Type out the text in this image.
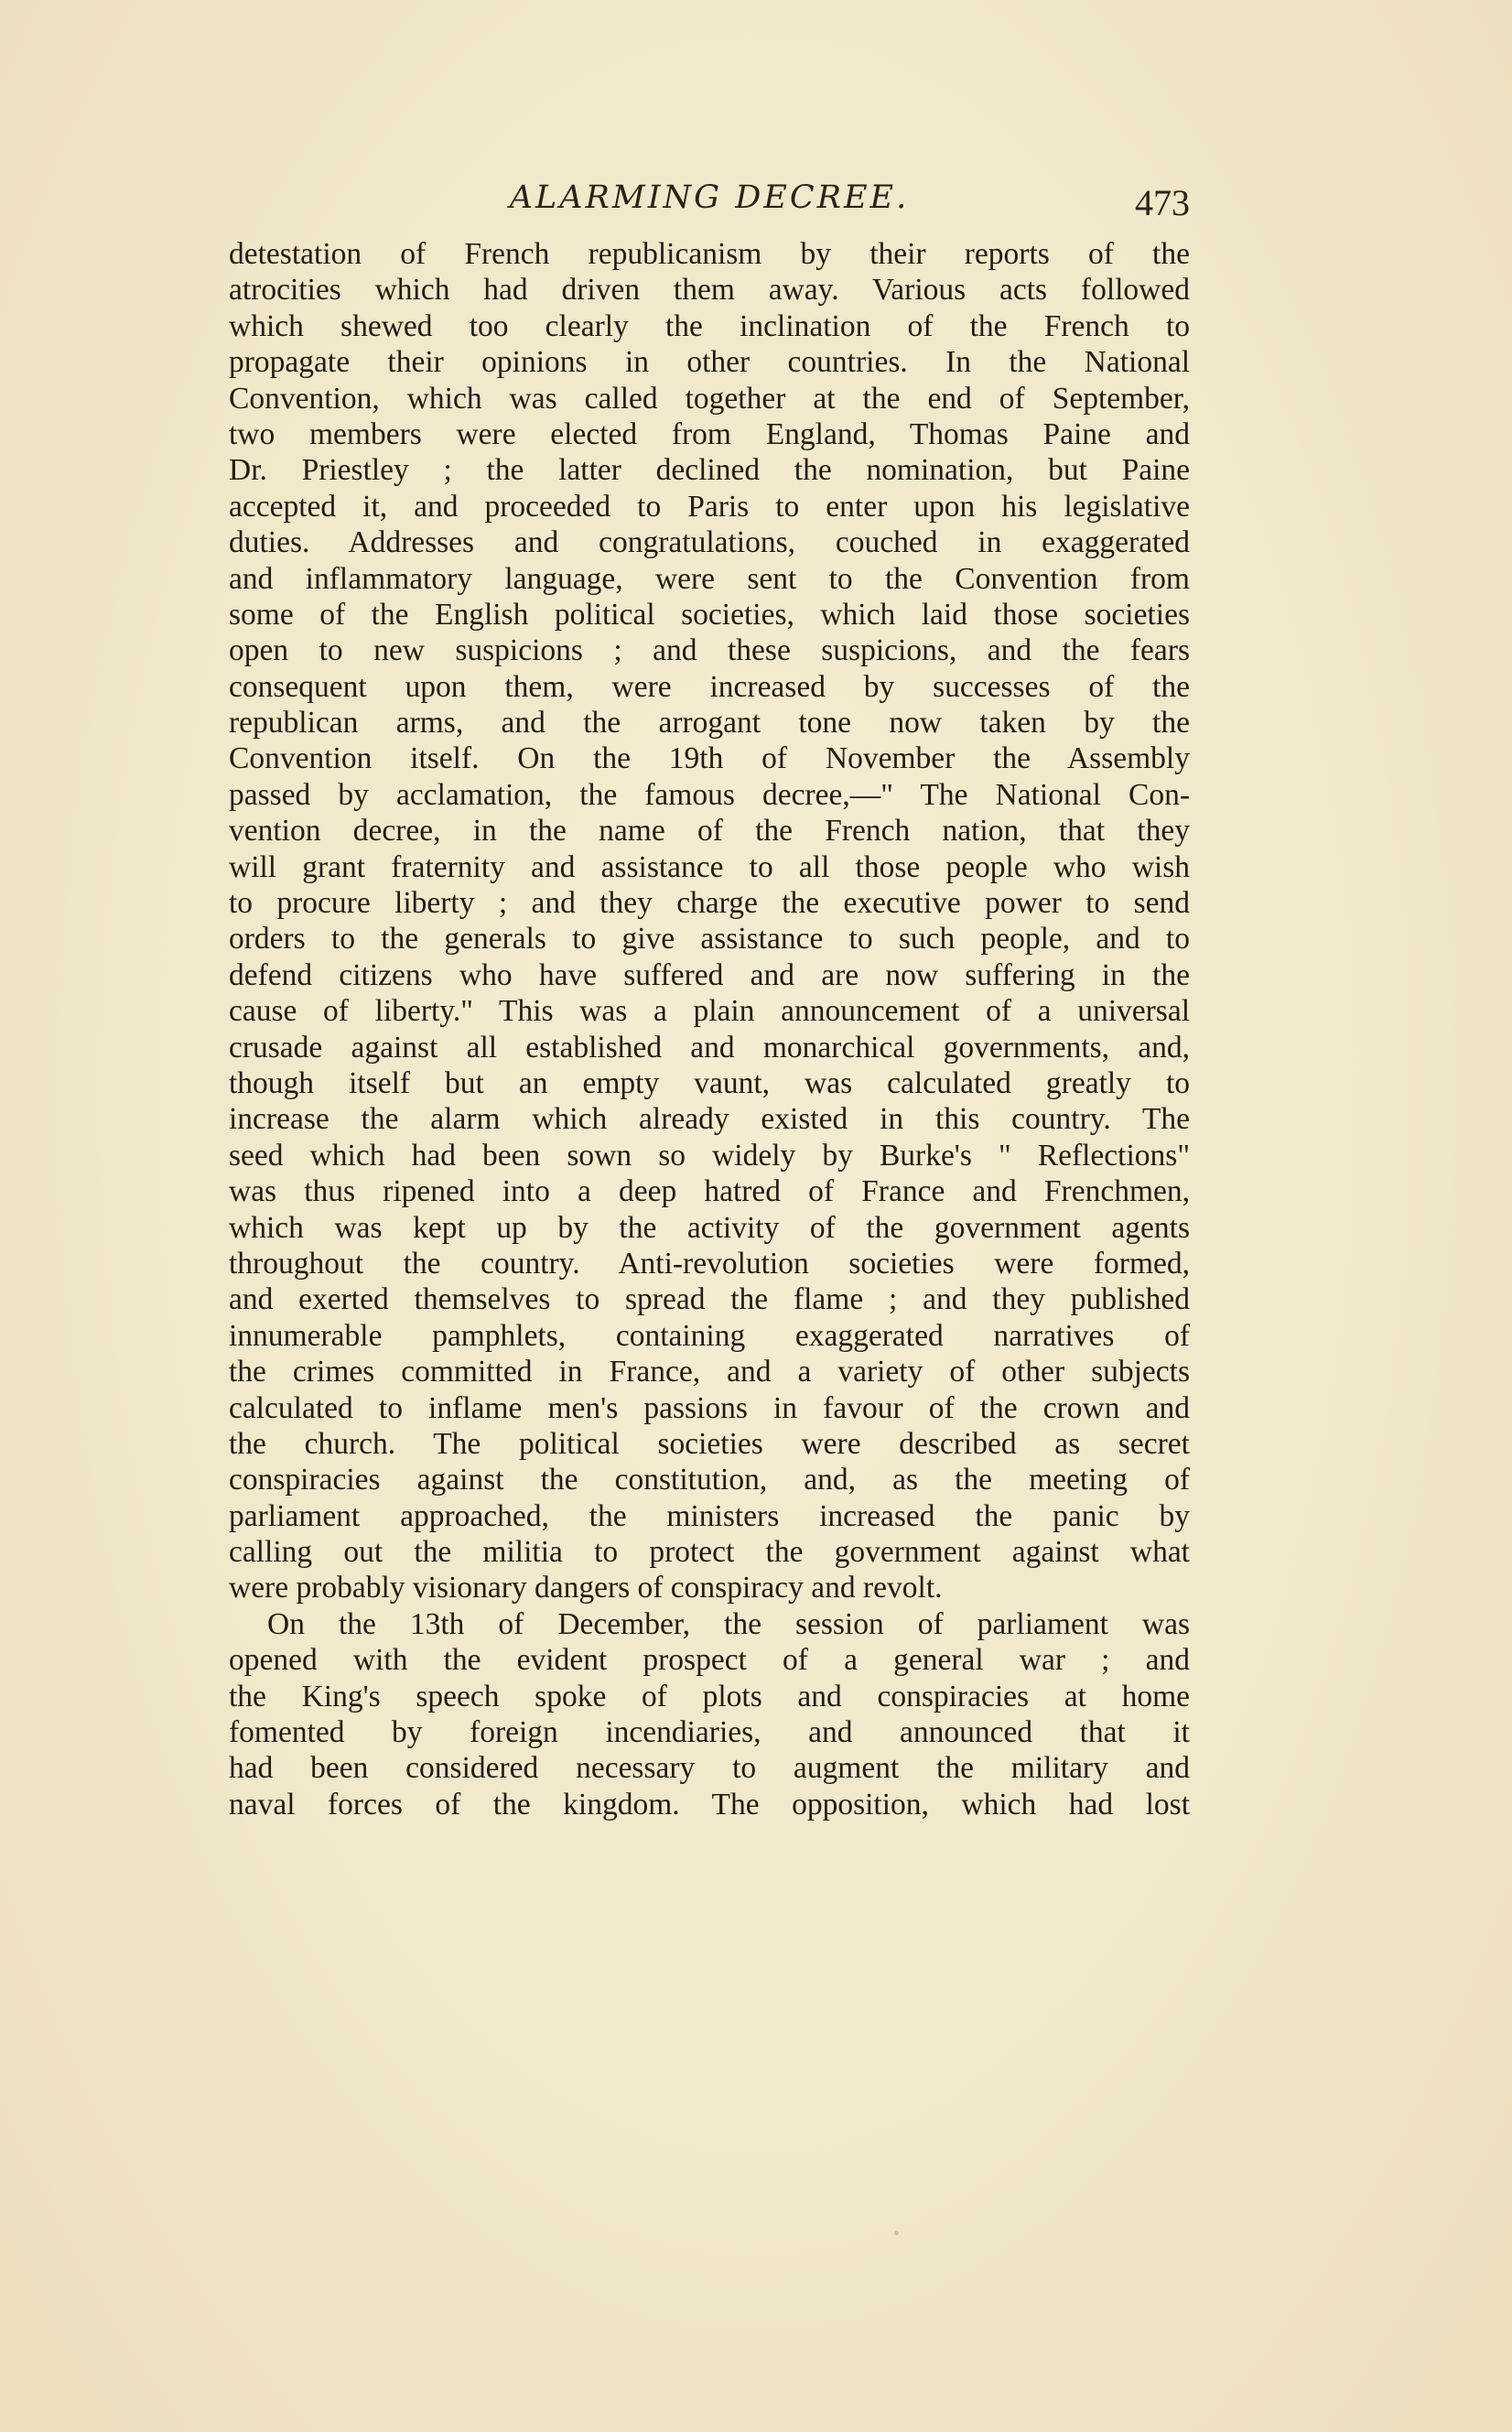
ALARMING DECREE.	473
detestation of French republicanism by their reports of the
atrocities which had driven them away. Various acts followed
which shewed too clearly the inclination of the French to
propagate their opinions in other countries. In the National
Convention, which was called together at the end of September,
two members were elected from England, Thomas Paine and
Dr. Priestley ; the latter declined the nomination, but Paine
accepted it, and proceeded to Paris to enter upon his legislative
duties. Addresses and congratulations, couched in exaggerated
and inflammatory language, were sent to the Convention from
some of the English political societies, which laid those societies
open to new suspicions ; and these suspicions, and the fears
consequent upon them, were increased by successes of the
republican arms, and the arrogant tone now taken by the
Convention itself. On the 19th of November the Assembly
passed by acclamation, the famous decree,—" The National Con-
vention decree, in the name of the French nation, that they
will grant fraternity and assistance to all those people who wish
to procure liberty ; and they charge the executive power to send
orders to the generals to give assistance to such people, and to
defend citizens who have suffered and are now suffering in the
cause of liberty." This was a plain announcement of a universal
crusade against all established and monarchical governments, and,
though itself but an empty vaunt, was calculated greatly to
increase the alarm which already existed in this country. The
seed which had been sown so widely by Burke's " Reflections"
was thus ripened into a deep hatred of France and Frenchmen,
which was kept up by the activity of the government agents
throughout the country. Anti-revolution societies were formed,
and exerted themselves to spread the flame ; and they published
innumerable pamphlets, containing exaggerated narratives of
the crimes committed in France, and a variety of other subjects
calculated to inflame men's passions in favour of the crown and
the church. The political societies were described as secret
conspiracies against the constitution, and, as the meeting of
parliament approached, the ministers increased the panic by
calling out the militia to protect the government against what
were probably visionary dangers of conspiracy and revolt.
On the 13th of December, the session of parliament was
opened with the evident prospect of a general war ; and
the King's speech spoke of plots and conspiracies at home
fomented by foreign incendiaries, and announced that it
had been considered necessary to augment the military and
naval forces of the kingdom. The opposition, which had lost
